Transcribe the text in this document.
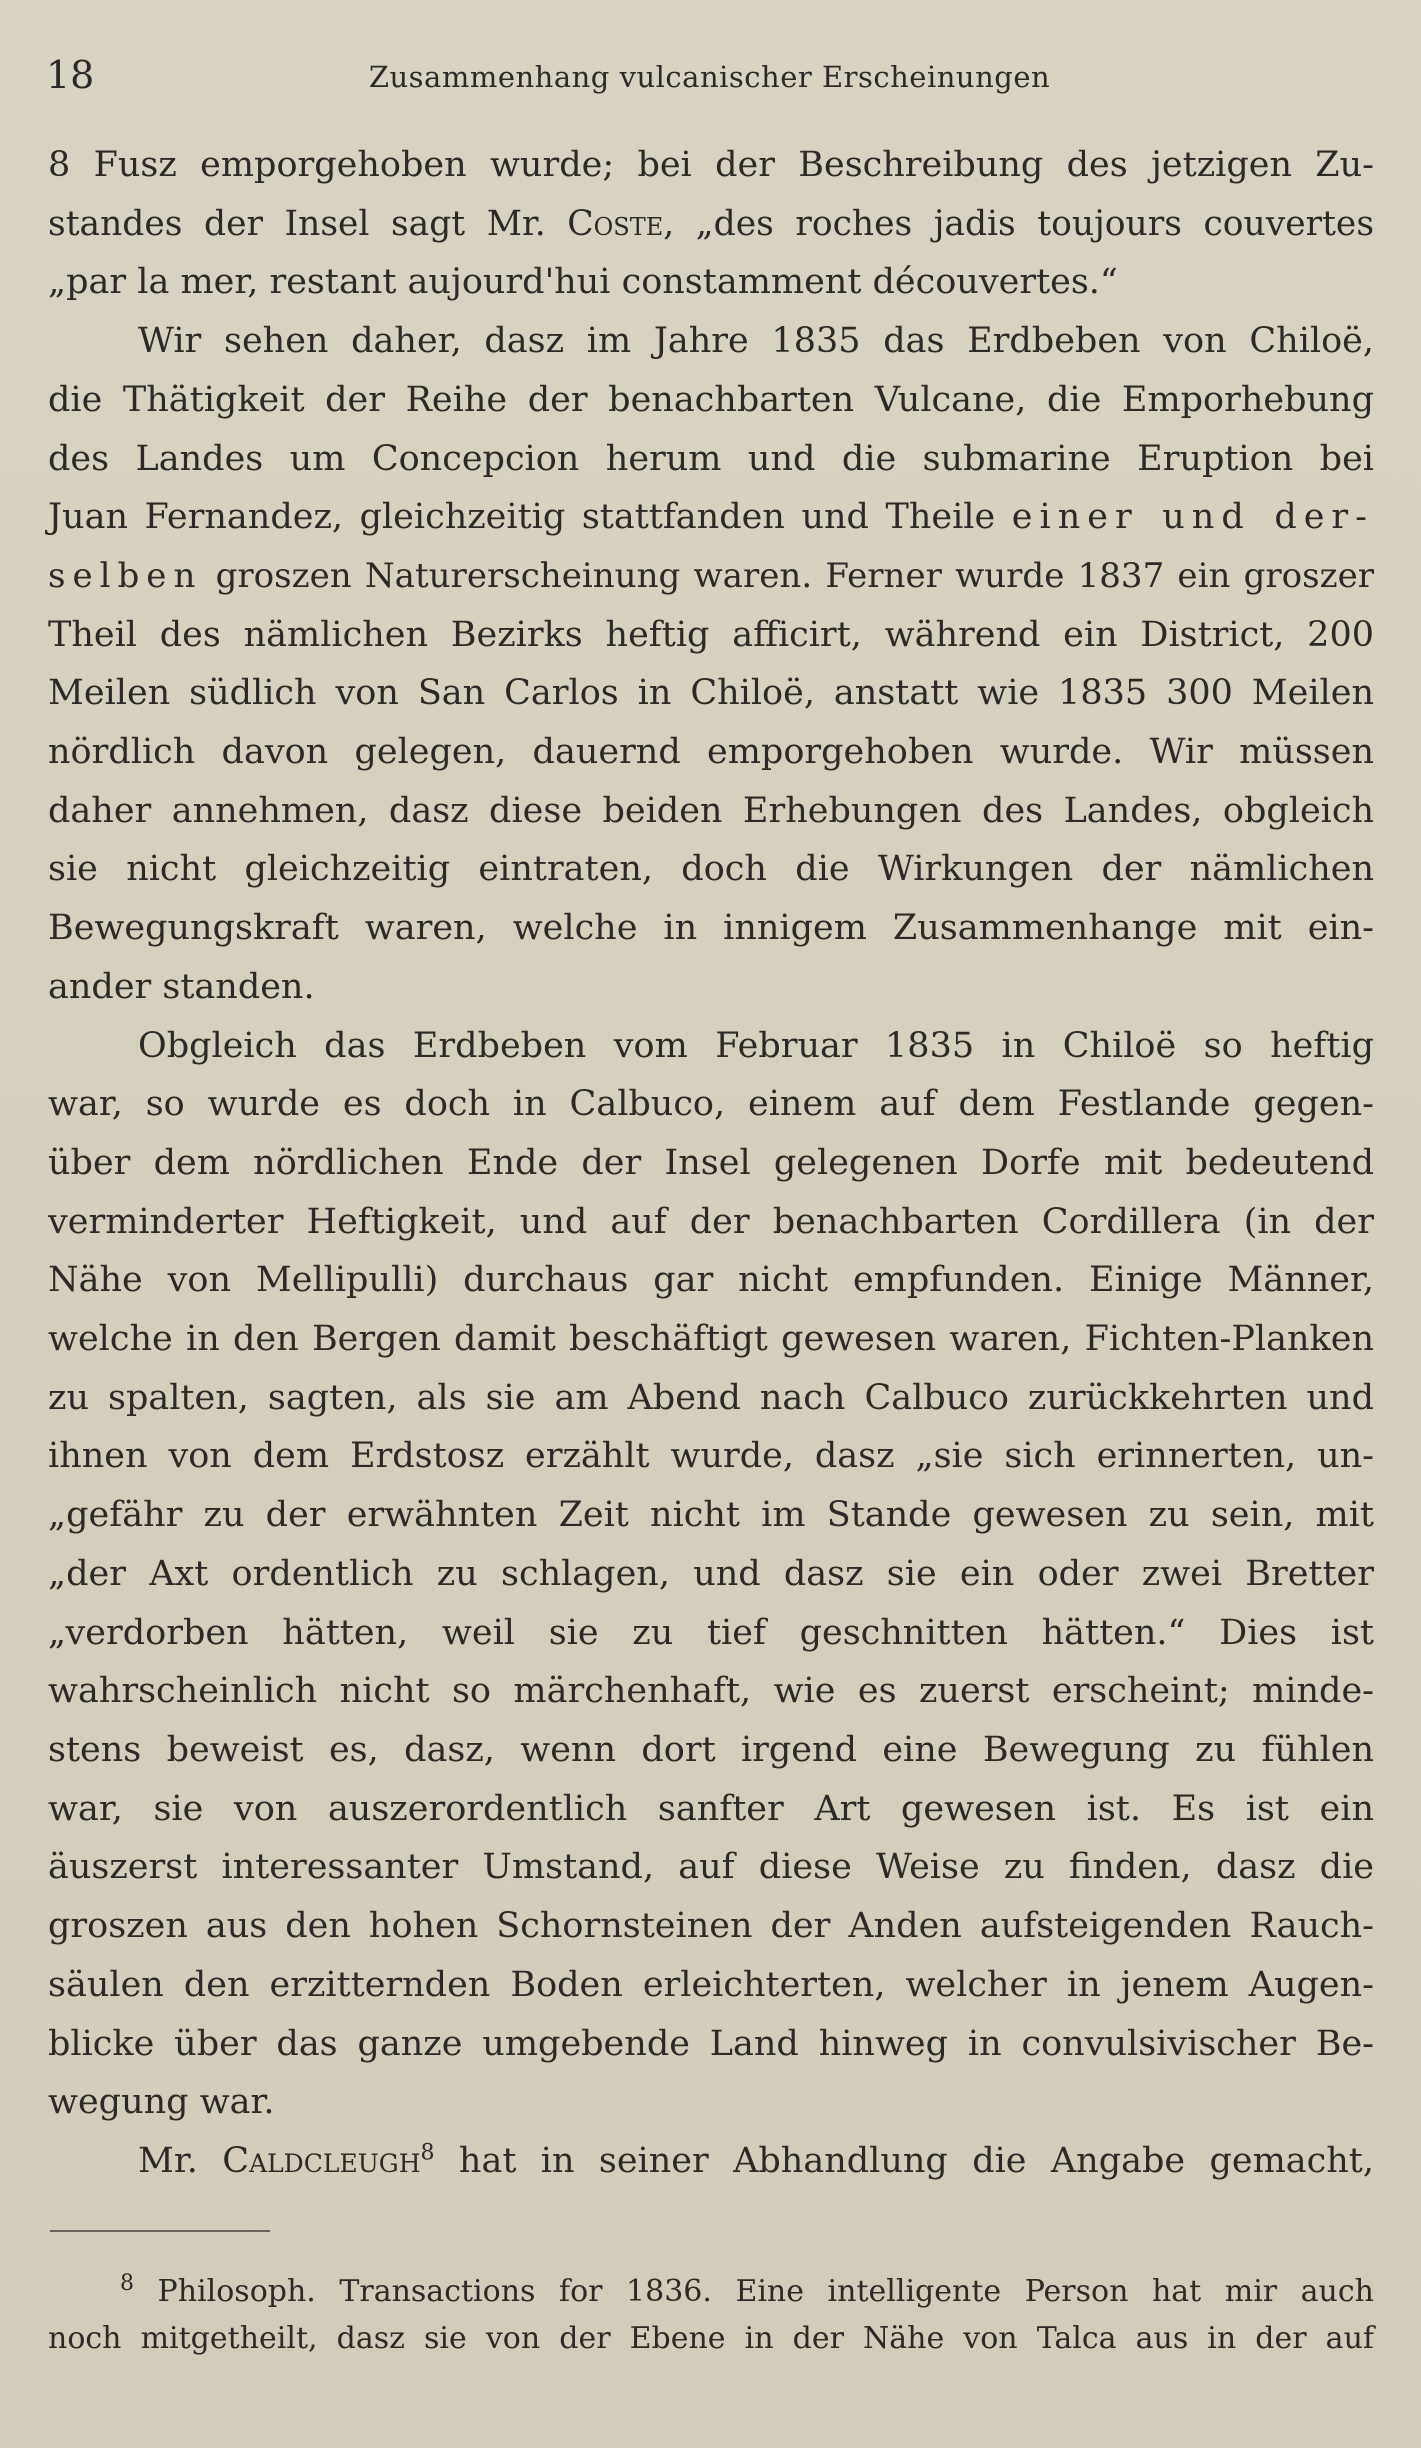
18	Zusammenhang vulcanischer Erscheinungen

8 Fusz emporgehoben wurde; bei der Beschreibung des jetzigen Zu-
standes der Insel sagt Mr. Coste, „des roches jadis toujours couvertes
„par la mer, restant aujourd'hui constamment découvertes.“

Wir sehen daher, dasz im Jahre 1835 das Erdbeben von Chiloë,
die Thätigkeit der Reihe der benachbarten Vulcane, die Emporhebung
des Landes um Concepcion herum und die submarine Eruption bei
Juan Fernandez, gleichzeitig stattfanden und Theile einer und der-
selben groszen Naturerscheinung waren. Ferner wurde 1837 ein groszer
Theil des nämlichen Bezirks heftig afficirt, während ein District, 200
Meilen südlich von San Carlos in Chiloë, anstatt wie 1835 300 Meilen
nördlich davon gelegen, dauernd emporgehoben wurde. Wir müssen
daher annehmen, dasz diese beiden Erhebungen des Landes, obgleich
sie nicht gleichzeitig eintraten, doch die Wirkungen der nämlichen
Bewegungskraft waren, welche in innigem Zusammenhange mit ein-
ander standen.

Obgleich das Erdbeben vom Februar 1835 in Chiloë so heftig
war, so wurde es doch in Calbuco, einem auf dem Festlande gegen-
über dem nördlichen Ende der Insel gelegenen Dorfe mit bedeutend
verminderter Heftigkeit, und auf der benachbarten Cordillera (in der
Nähe von Mellipulli) durchaus gar nicht empfunden. Einige Männer,
welche in den Bergen damit beschäftigt gewesen waren, Fichten-Planken
zu spalten, sagten, als sie am Abend nach Calbuco zurückkehrten und
ihnen von dem Erdstosz erzählt wurde, dasz „sie sich erinnerten, un-
„gefähr zu der erwähnten Zeit nicht im Stande gewesen zu sein, mit
„der Axt ordentlich zu schlagen, und dasz sie ein oder zwei Bretter
„verdorben hätten, weil sie zu tief geschnitten hätten.“ Dies ist
wahrscheinlich nicht so märchenhaft, wie es zuerst erscheint; minde-
stens beweist es, dasz, wenn dort irgend eine Bewegung zu fühlen
war, sie von auszerordentlich sanfter Art gewesen ist. Es ist ein
äuszerst interessanter Umstand, auf diese Weise zu finden, dasz die
groszen aus den hohen Schornsteinen der Anden aufsteigenden Rauch-
säulen den erzitternden Boden erleichterten, welcher in jenem Augen-
blicke über das ganze umgebende Land hinweg in convulsivischer Be-
wegung war.

Mr. Caldcleugh$^8$ hat in seiner Abhandlung die Angabe gemacht,

$^8$ Philosoph. Transactions for 1836. Eine intelligente Person hat mir auch
noch mitgetheilt, dasz sie von der Ebene in der Nähe von Talca aus in der auf
